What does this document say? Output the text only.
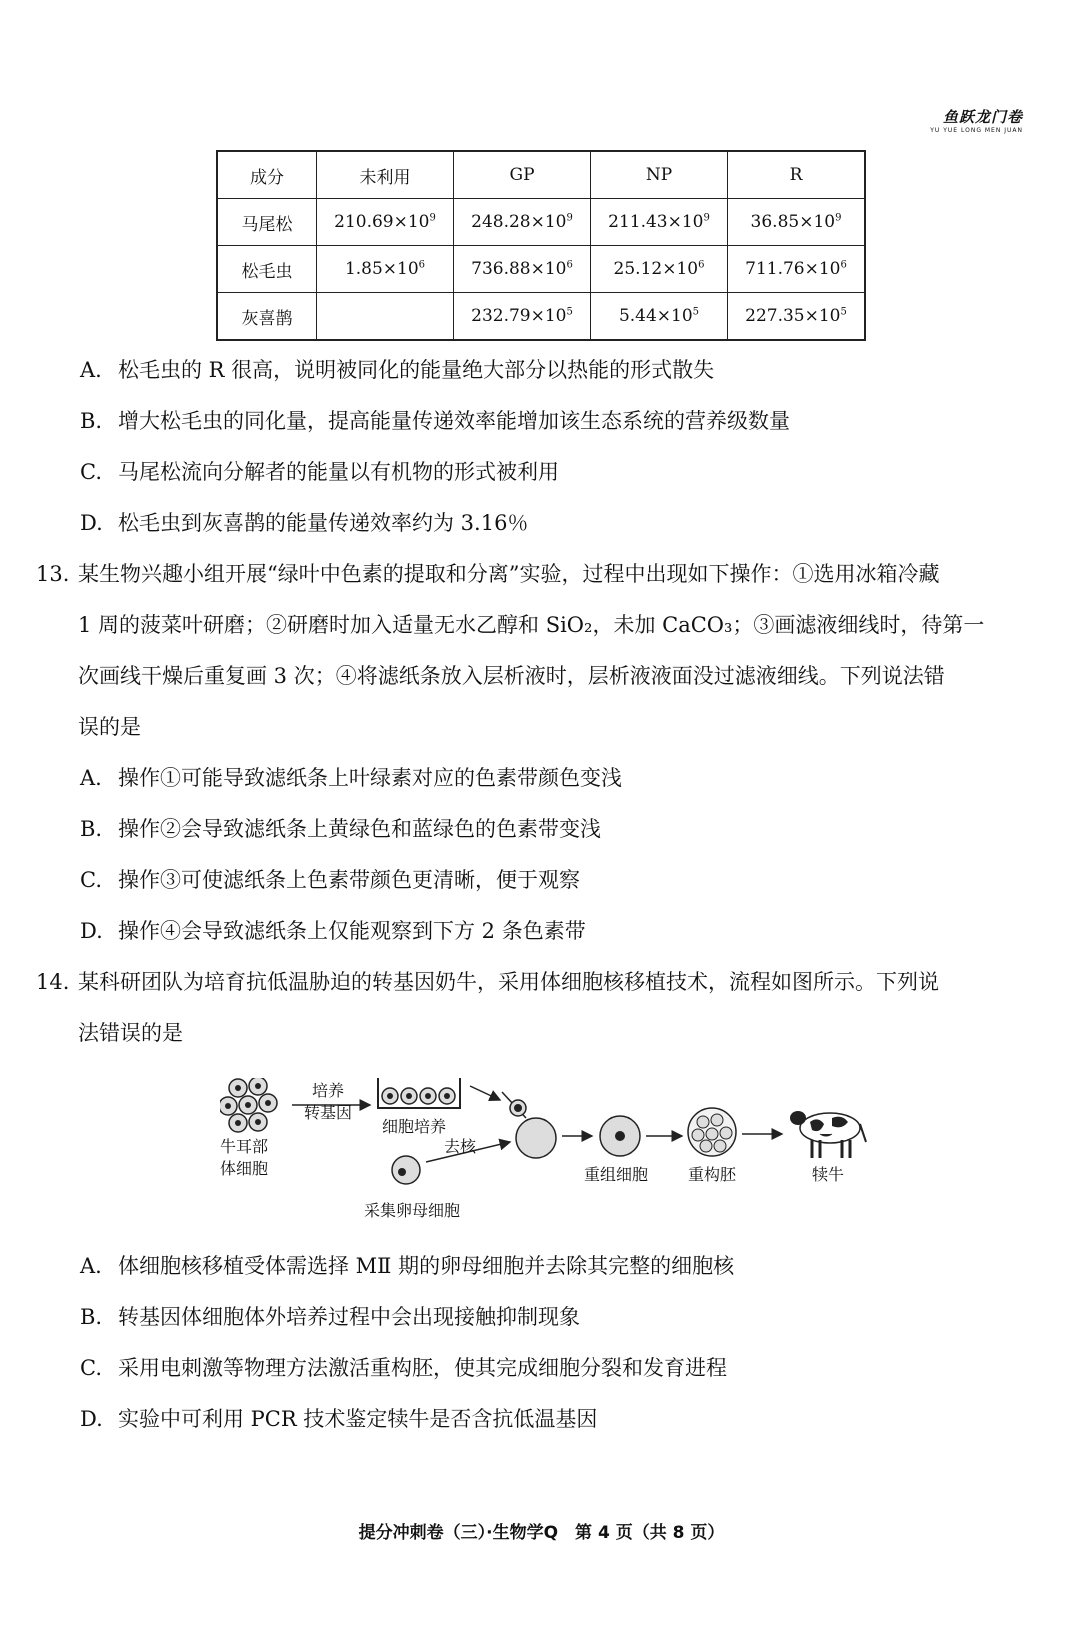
鱼跃龙门卷
YU YUE LONG MEN JUAN
成分	未利用	GP	NP	R
马尾松	$210.69\times 10^9$	$248.28\times 10^9$	$211.43\times 10^9$	$36.85\times 10^9$
松毛虫	$1.85\times 10^6$	$736.88\times 10^6$	$25.12\times 10^6$	$711.76\times 10^6$
灰喜鹊		$232.79\times 10^5$	$5.44\times 10^5$	$227.35\times 10^5$
A. 松毛虫的 R 很高，说明被同化的能量绝大部分以热能的形式散失
B. 增大松毛虫的同化量，提高能量传递效率能增加该生态系统的营养级数量
C. 马尾松流向分解者的能量以有机物的形式被利用
D. 松毛虫到灰喜鹊的能量传递效率约为 3.16％
13. 某生物兴趣小组开展“绿叶中色素的提取和分离”实验，过程中出现如下操作：①选用冰箱冷藏
1 周的菠菜叶研磨；②研磨时加入适量无水乙醇和 SiO₂，未加 CaCO₃；③画滤液细线时，待第一
次画线干燥后重复画 3 次；④将滤纸条放入层析液时，层析液液面没过滤液细线。下列说法错
误的是
A. 操作①可能导致滤纸条上叶绿素对应的色素带颜色变浅
B. 操作②会导致滤纸条上黄绿色和蓝绿色的色素带变浅
C. 操作③可使滤纸条上色素带颜色更清晰，便于观察
D. 操作④会导致滤纸条上仅能观察到下方 2 条色素带
14. 某科研团队为培育抗低温胁迫的转基因奶牛，采用体细胞核移植技术，流程如图所示。下列说
法错误的是
牛耳部
体细胞
培养
转基因
细胞培养
去核
采集卵母细胞
重组细胞 重构胚	犊牛
A. 体细胞核移植受体需选择 MⅡ 期的卵母细胞并去除其完整的细胞核
B. 转基因体细胞体外培养过程中会出现接触抑制现象
C. 采用电刺激等物理方法激活重构胚，使其完成细胞分裂和发育进程
D. 实验中可利用 PCR 技术鉴定犊牛是否含抗低温基因
提分冲刺卷（三）·生物学Q　第 4 页（共 8 页）
